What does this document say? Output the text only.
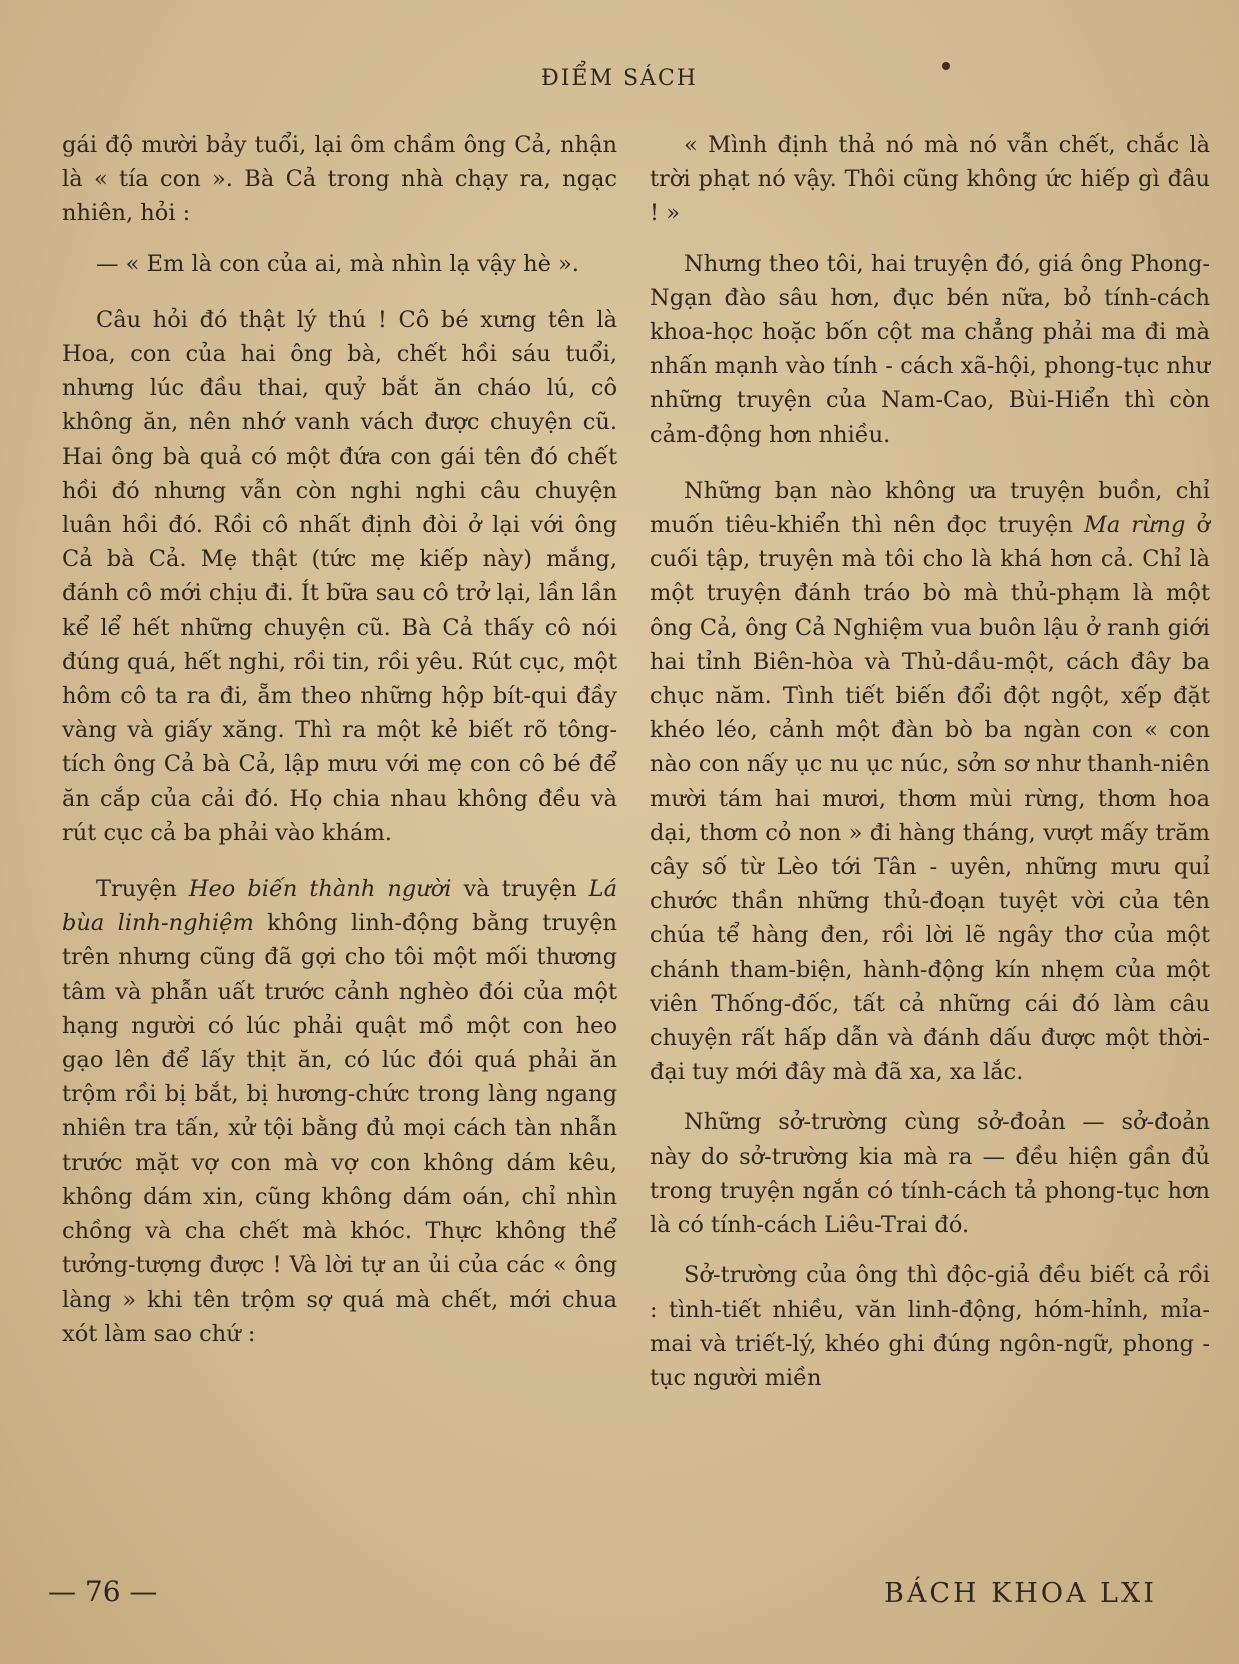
ĐIỂM SÁCH

gái độ mười bảy tuổi, lại ôm chầm ông Cả, nhận là « tía con ». Bà Cả trong nhà chạy ra, ngạc nhiên, hỏi :

— « Em là con của ai, mà nhìn lạ vậy hè ».

Câu hỏi đó thật lý thú ! Cô bé xưng tên là Hoa, con của hai ông bà, chết hồi sáu tuổi, nhưng lúc đầu thai, quỷ bắt ăn cháo lú, cô không ăn, nên nhớ vanh vách được chuyện cũ. Hai ông bà quả có một đứa con gái tên đó chết hồi đó nhưng vẫn còn nghi nghi câu chuyện luân hồi đó. Rồi cô nhất định đòi ở lại với ông Cả bà Cả. Mẹ thật (tức mẹ kiếp này) mắng, đánh cô mới chịu đi. Ít bữa sau cô trở lại, lần lần kể lể hết những chuyện cũ. Bà Cả thấy cô nói đúng quá, hết nghi, rồi tin, rồi yêu. Rút cục, một hôm cô ta ra đi, ẵm theo những hộp bít-qui đầy vàng và giấy xăng. Thì ra một kẻ biết rõ tông-tích ông Cả bà Cả, lập mưu với mẹ con cô bé để ăn cắp của cải đó. Họ chia nhau không đều và rút cục cả ba phải vào khám.

Truyện Heo biến thành người và truyện Lá bùa linh-nghiệm không linh-động bằng truyện trên nhưng cũng đã gợi cho tôi một mối thương tâm và phẫn uất trước cảnh nghèo đói của một hạng người có lúc phải quật mồ một con heo gạo lên để lấy thịt ăn, có lúc đói quá phải ăn trộm rồi bị bắt, bị hương-chức trong làng ngang nhiên tra tấn, xử tội bằng đủ mọi cách tàn nhẫn trước mặt vợ con mà vợ con không dám kêu, không dám xin, cũng không dám oán, chỉ nhìn chồng và cha chết mà khóc. Thực không thể tưởng-tượng được ! Và lời tự an ủi của các « ông làng » khi tên trộm sợ quá mà chết, mới chua xót làm sao chứ :

« Mình định thả nó mà nó vẫn chết, chắc là trời phạt nó vậy. Thôi cũng không ức hiếp gì đâu ! »

Nhưng theo tôi, hai truyện đó, giá ông Phong-Ngạn đào sâu hơn, đục bén nữa, bỏ tính-cách khoa-học hoặc bốn cột ma chẳng phải ma đi mà nhấn mạnh vào tính - cách xã-hội, phong-tục như những truyện của Nam-Cao, Bùi-Hiển thì còn cảm-động hơn nhiều.

Những bạn nào không ưa truyện buồn, chỉ muốn tiêu-khiển thì nên đọc truyện Ma rừng ở cuối tập, truyện mà tôi cho là khá hơn cả. Chỉ là một truyện đánh tráo bò mà thủ-phạm là một ông Cả, ông Cả Nghiệm vua buôn lậu ở ranh giới hai tỉnh Biên-hòa và Thủ-dầu-một, cách đây ba chục năm. Tình tiết biến đổi đột ngột, xếp đặt khéo léo, cảnh một đàn bò ba ngàn con « con nào con nấy ục nu ục núc, sởn sơ như thanh-niên mười tám hai mươi, thơm mùi rừng, thơm hoa dại, thơm cỏ non » đi hàng tháng, vượt mấy trăm cây số từ Lèo tới Tân - uyên, những mưu quỉ chước thần những thủ-đoạn tuyệt vời của tên chúa tể hàng đen, rồi lời lẽ ngây thơ của một chánh tham-biện, hành-động kín nhẹm của một viên Thống-đốc, tất cả những cái đó làm câu chuyện rất hấp dẫn và đánh dấu được một thời-đại tuy mới đây mà đã xa, xa lắc.

Những sở-trường cùng sở-đoản — sở-đoản này do sở-trường kia mà ra — đều hiện gần đủ trong truyện ngắn có tính-cách tả phong-tục hơn là có tính-cách Liêu-Trai đó.

Sở-trường của ông thì độc-giả đều biết cả rồi : tình-tiết nhiều, văn linh-động, hóm-hỉnh, mỉa-mai và triết-lý, khéo ghi đúng ngôn-ngữ, phong - tục người miền

— 76 —	BÁCH KHOA LXI
